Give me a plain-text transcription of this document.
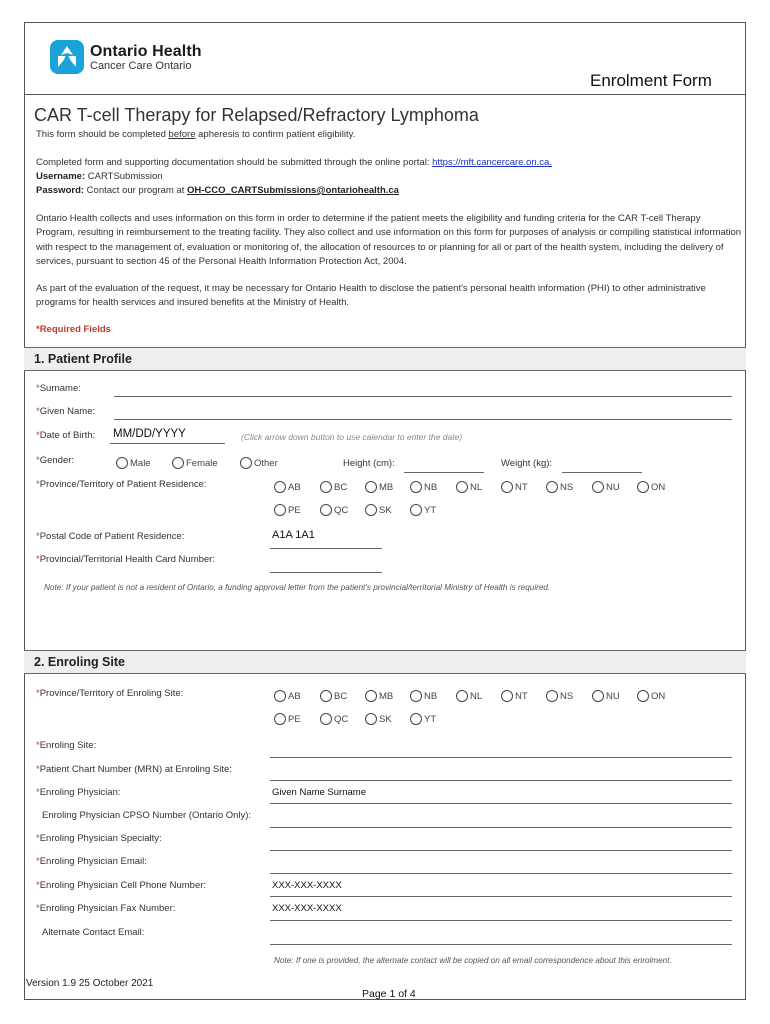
Ontario Health
Cancer Care Ontario
Enrolment Form
CAR T-cell Therapy for Relapsed/Refractory Lymphoma
This form should be completed before apheresis to confirm patient eligibility.
Completed form and supporting documentation should be submitted through the online portal: https://mft.cancercare.on.ca.
Username: CARTSubmission
Password: Contact our program at OH-CCO_CARTSubmissions@ontariohealth.ca
Ontario Health collects and uses information on this form in order to determine if the patient meets the eligibility and funding criteria for the CAR T-cell Therapy Program, resulting in reimbursement to the treating facility. They also collect and use information on this form for purposes of analysis or compiling statistical information with respect to the management of, evaluation or monitoring of, the allocation of resources to or planning for all or part of the health system, including the delivery of services, pursuant to section 45 of the Personal Health Information Protection Act, 2004.
As part of the evaluation of the request, it may be necessary for Ontario Health to disclose the patient's personal health information (PHI) to other administrative programs for health services and insured benefits at the Ministry of Health.
*Required Fields
1. Patient Profile
*Surname:
*Given Name:
*Date of Birth: MM/DD/YYYY	(Click arrow down button to use calendar to enter the date)
*Gender:	Male	Female	Other	Height (cm):	Weight (kg):
*Province/Territory of Patient Residence:	AB	BC	MB	NB	NL	NT	NS	NU	ON
PE	QC	SK	YT
*Postal Code of Patient Residence:	A1A 1A1
*Provincial/Territorial Health Card Number:
Note: If your patient is not a resident of Ontario, a funding approval letter from the patient's provincial/territorial Ministry of Health is required.
2. Enroling Site
*Province/Territory of Enroling Site:	AB	BC	MB	NB	NL	NT	NS	NU	ON
PE	QC	SK	YT
*Enroling Site:
*Patient Chart Number (MRN) at Enroling Site:
*Enroling Physician:	Given Name Surname
Enroling Physician CPSO Number (Ontario Only):
*Enroling Physician Specialty:
*Enroling Physician Email:
*Enroling Physician Cell Phone Number:	XXX-XXX-XXXX
*Enroling Physician Fax Number:	XXX-XXX-XXXX
Alternate Contact Email:
Note: If one is provided, the alternate contact will be copied on all email correspondence about this enrolment.
Version 1.9 25 October 2021
Page 1 of 4
